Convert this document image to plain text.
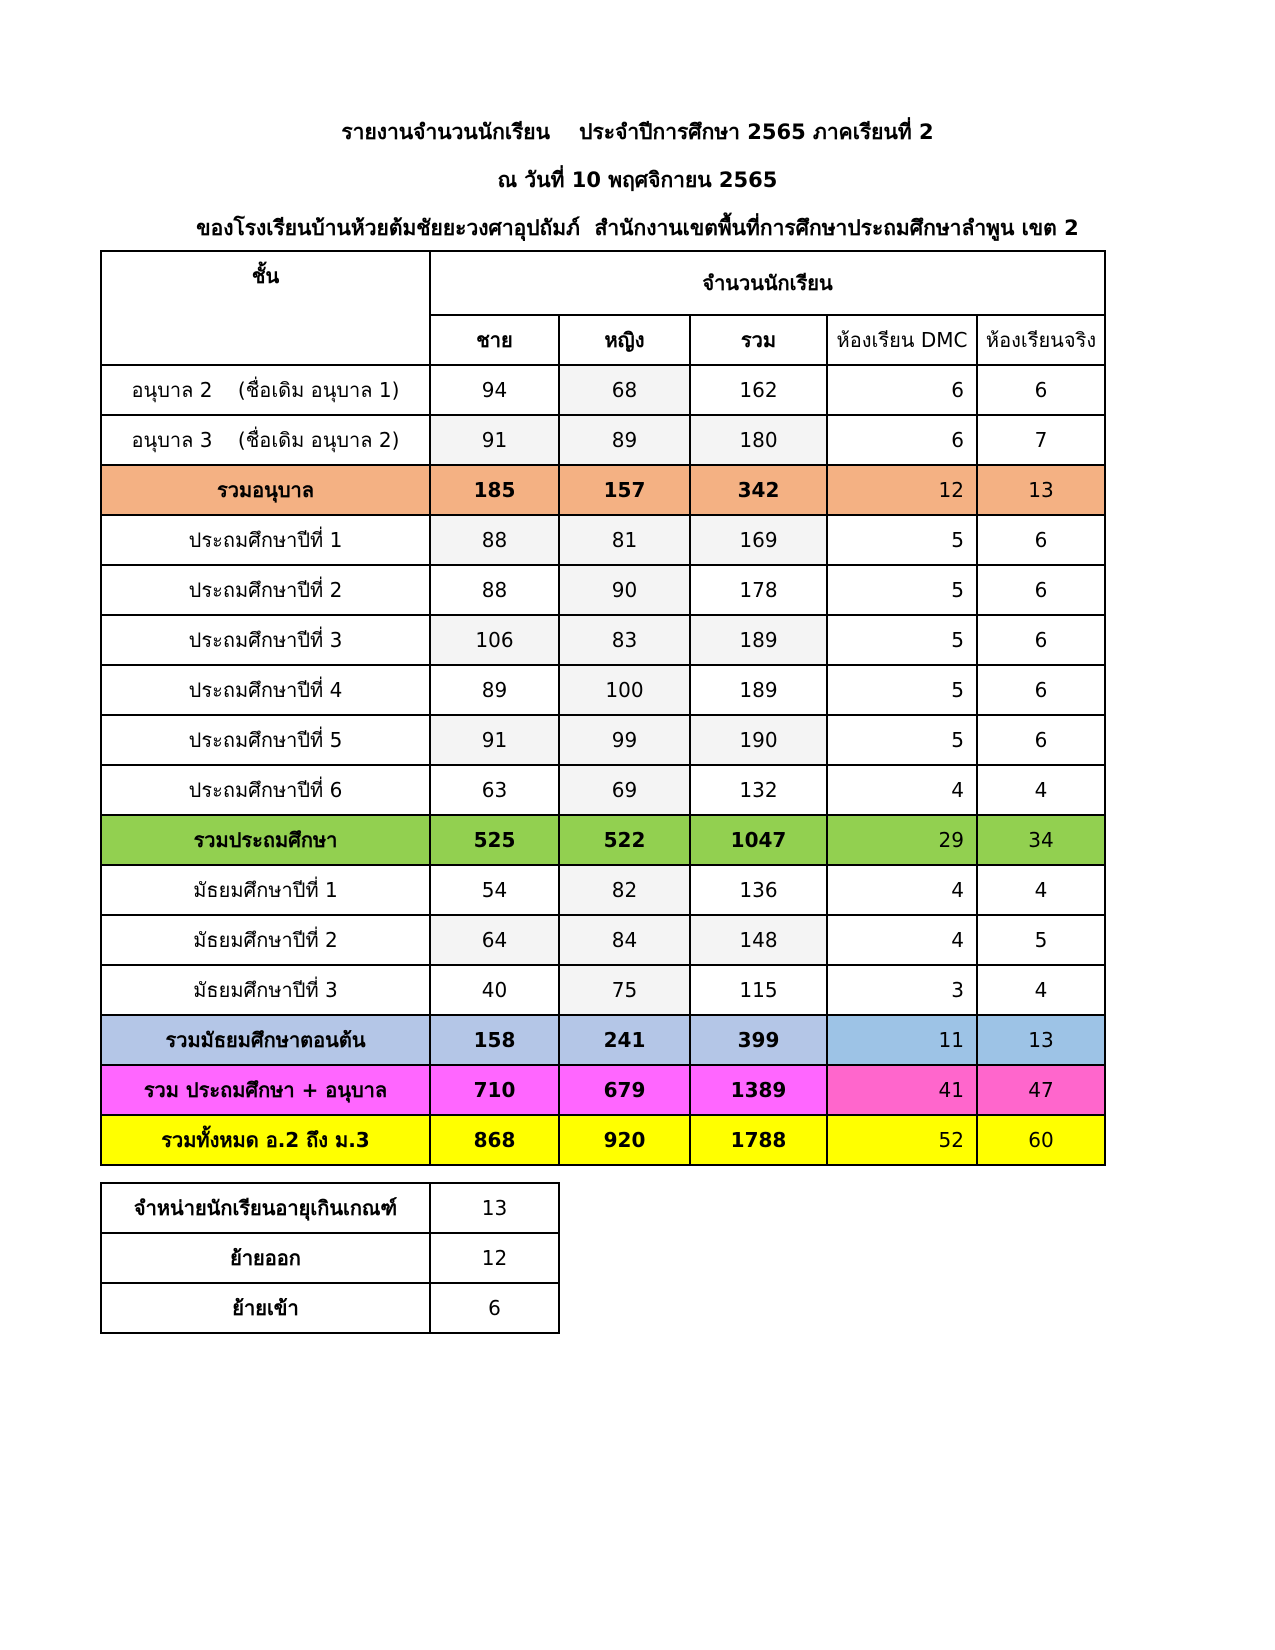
รายงานจำนวนนักเรียน    ประจำปีการศึกษา 2565 ภาคเรียนที่ 2
ณ วันที่ 10 พฤศจิกายน 2565
ของโรงเรียนบ้านห้วยต้มชัยยะวงศาอุปถัมภ์  สำนักงานเขตพื้นที่การศึกษาประถมศึกษาลำพูน เขต 2
ชั้น	จำนวนนักเรียน				
	ชาย	หญิง	รวม	ห้องเรียน DMC	ห้องเรียนจริง
อนุบาล 2    (ชื่อเดิม อนุบาล 1)	94	68	162	6	6
อนุบาล 3    (ชื่อเดิม อนุบาล 2)	91	89	180	6	7
รวมอนุบาล	185	157	342	12	13
ประถมศึกษาปีที่ 1	88	81	169	5	6
ประถมศึกษาปีที่ 2	88	90	178	5	6
ประถมศึกษาปีที่ 3	106	83	189	5	6
ประถมศึกษาปีที่ 4	89	100	189	5	6
ประถมศึกษาปีที่ 5	91	99	190	5	6
ประถมศึกษาปีที่ 6	63	69	132	4	4
รวมประถมศึกษา	525	522	1047	29	34
มัธยมศึกษาปีที่ 1	54	82	136	4	4
มัธยมศึกษาปีที่ 2	64	84	148	4	5
มัธยมศึกษาปีที่ 3	40	75	115	3	4
รวมมัธยมศึกษาตอนต้น	158	241	399	11	13
รวม ประถมศึกษา + อนุบาล	710	679	1389	41	47
รวมทั้งหมด อ.2 ถึง ม.3	868	920	1788	52	60
จำหน่ายนักเรียนอายุเกินเกณฑ์	13
ย้ายออก	12
ย้ายเข้า	6
